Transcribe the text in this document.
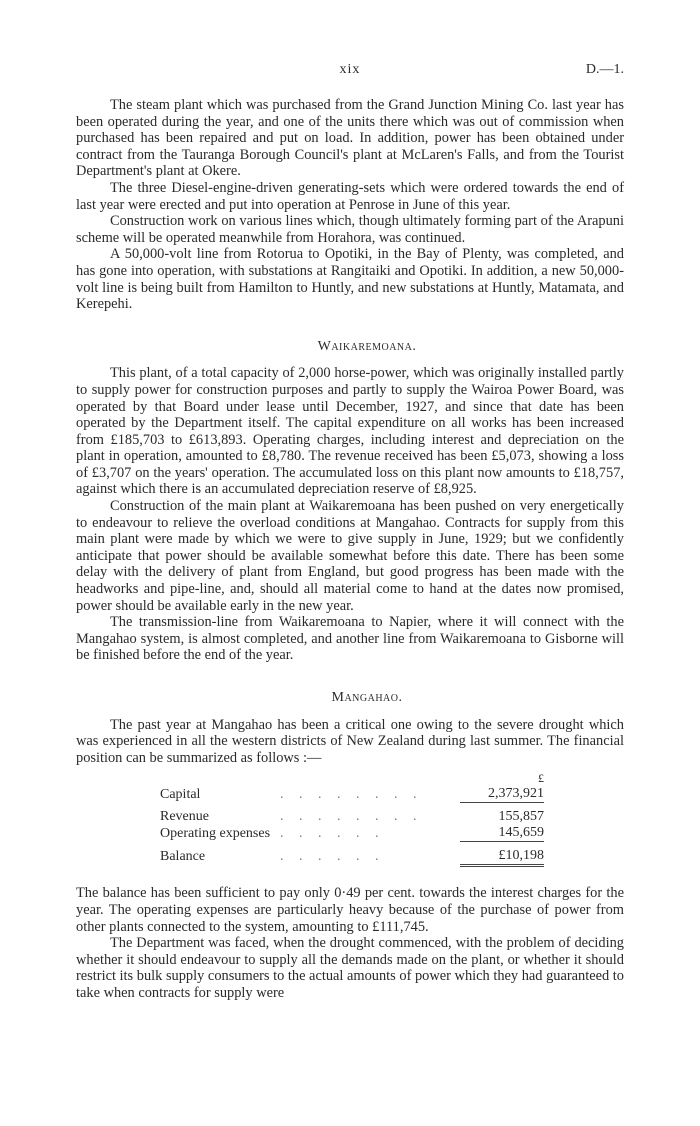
xix	D.—1.

The steam plant which was purchased from the Grand Junction Mining Co. last year has been operated during the year, and one of the units there which was out of commission when purchased has been repaired and put on load. In addition, power has been obtained under contract from the Tauranga Borough Council's plant at McLaren's Falls, and from the Tourist Department's plant at Okere.

The three Diesel-engine-driven generating-sets which were ordered towards the end of last year were erected and put into operation at Penrose in June of this year.

Construction work on various lines which, though ultimately forming part of the Arapuni scheme will be operated meanwhile from Horahora, was continued.

A 50,000-volt line from Rotorua to Opotiki, in the Bay of Plenty, was completed, and has gone into operation, with substations at Rangitaiki and Opotiki. In addition, a new 50,000-volt line is being built from Hamilton to Huntly, and new substations at Huntly, Matamata, and Kerepehi.

Waikaremoana.

This plant, of a total capacity of 2,000 horse-power, which was originally installed partly to supply power for construction purposes and partly to supply the Wairoa Power Board, was operated by that Board under lease until December, 1927, and since that date has been operated by the Department itself. The capital expenditure on all works has been increased from £185,703 to £613,893. Operating charges, including interest and depreciation on the plant in operation, amounted to £8,780. The revenue received has been £5,073, showing a loss of £3,707 on the years' operation. The accumulated loss on this plant now amounts to £18,757, against which there is an accumulated depreciation reserve of £8,925.

Construction of the main plant at Waikaremoana has been pushed on very energetically to endeavour to relieve the overload conditions at Mangahao. Contracts for supply from this main plant were made by which we were to give supply in June, 1929; but we confidently anticipate that power should be available somewhat before this date. There has been some delay with the delivery of plant from England, but good progress has been made with the headworks and pipe-line, and, should all material come to hand at the dates now promised, power should be available early in the new year.

The transmission-line from Waikaremoana to Napier, where it will connect with the Mangahao system, is almost completed, and another line from Waikaremoana to Gisborne will be finished before the end of the year.

Mangahao.

The past year at Mangahao has been a critical one owing to the severe drought which was experienced in all the western districts of New Zealand during last summer. The financial position can be summarized as follows :—

		£
Capital	. . . . . . . .	2,373,921

Revenue	. . . . . . . .	155,857
Operating expenses	. . . . . .	145,659

Balance	. . . . . .	£10,198

The balance has been sufficient to pay only 0·49 per cent. towards the interest charges for the year. The operating expenses are particularly heavy because of the purchase of power from other plants connected to the system, amounting to £111,745.

The Department was faced, when the drought commenced, with the problem of deciding whether it should endeavour to supply all the demands made on the plant, or whether it should restrict its bulk supply consumers to the actual amounts of power which they had guaranteed to take when contracts for supply were
